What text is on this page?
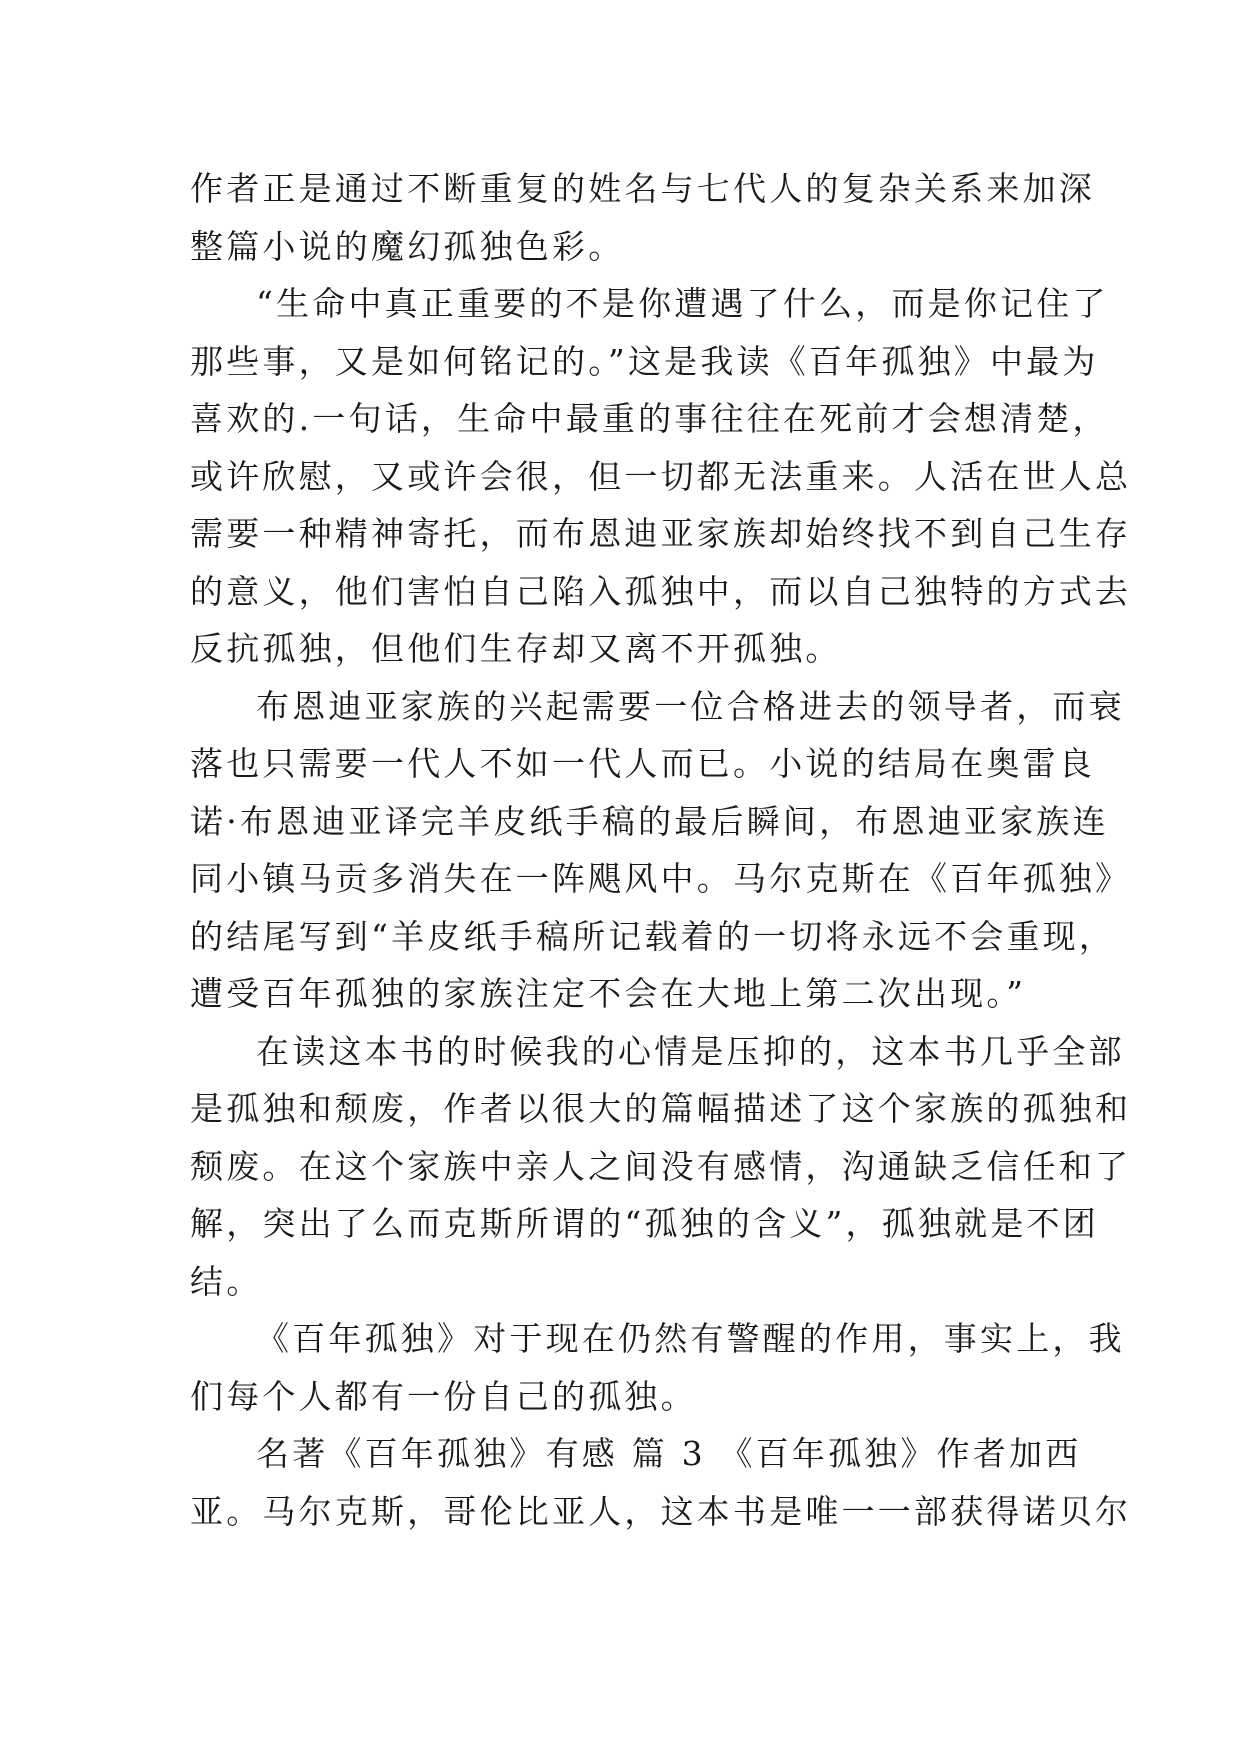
作者正是通过不断重复的姓名与七代人的复杂关系来加深
整篇小说的魔幻孤独色彩。
“生命中真正重要的不是你遭遇了什么，而是你记住了
那些事，又是如何铭记的。”这是我读《百年孤独》中最为
喜欢的.一句话，生命中最重的事往往在死前才会想清楚，
或许欣慰，又或许会很，但一切都无法重来。人活在世人总
需要一种精神寄托，而布恩迪亚家族却始终找不到自己生存
的意义，他们害怕自己陷入孤独中，而以自己独特的方式去
反抗孤独，但他们生存却又离不开孤独。
布恩迪亚家族的兴起需要一位合格进去的领导者，而衰
落也只需要一代人不如一代人而已。小说的结局在奥雷良
诺·布恩迪亚译完羊皮纸手稿的最后瞬间，布恩迪亚家族连
同小镇马贡多消失在一阵飓风中。马尔克斯在《百年孤独》
的结尾写到“羊皮纸手稿所记载着的一切将永远不会重现，
遭受百年孤独的家族注定不会在大地上第二次出现。”
在读这本书的时候我的心情是压抑的，这本书几乎全部
是孤独和颓废，作者以很大的篇幅描述了这个家族的孤独和
颓废。在这个家族中亲人之间没有感情，沟通缺乏信任和了
解，突出了么而克斯所谓的“孤独的含义”，孤独就是不团
结。
《百年孤独》对于现在仍然有警醒的作用，事实上，我
们每个人都有一份自己的孤独。
名著《百年孤独》有感 篇 3 《百年孤独》作者加西
亚。马尔克斯，哥伦比亚人，这本书是唯一一部获得诺贝尔
